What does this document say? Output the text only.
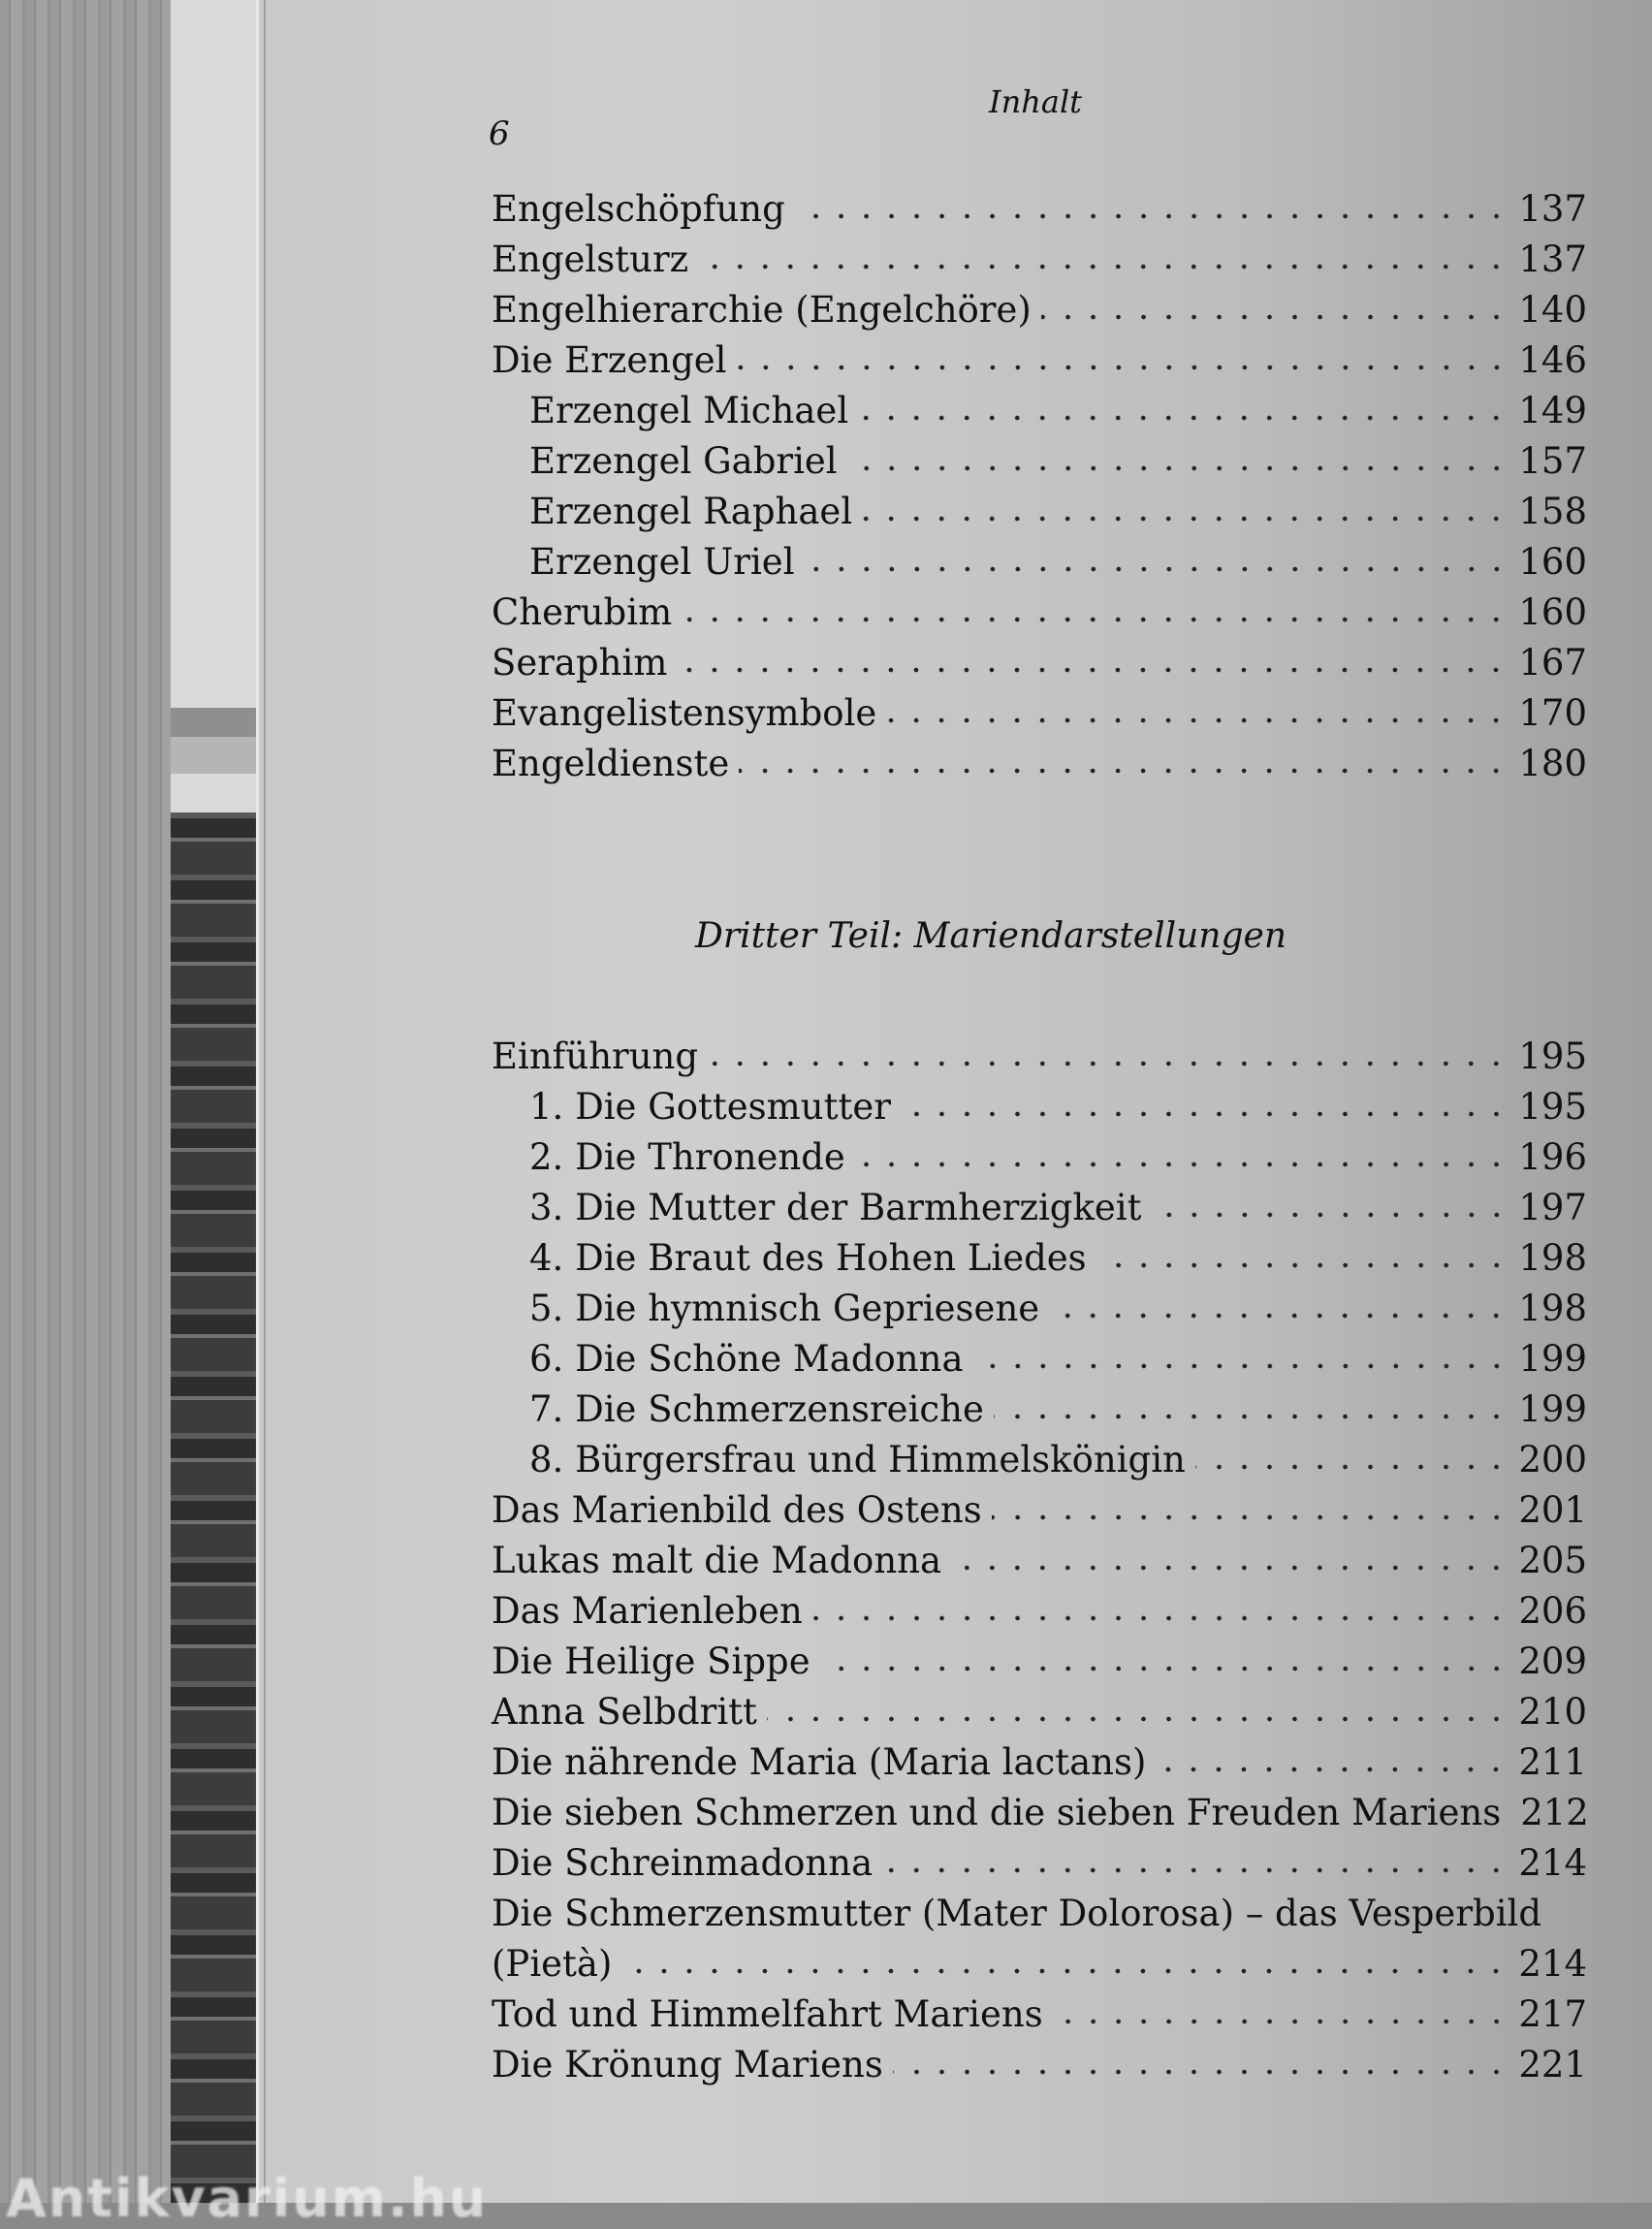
6
Inhalt
Engelschöpfung	137
Engelsturz	137
Engelhierarchie (Engelchöre)	140
Die Erzengel	146
Erzengel Michael	149
Erzengel Gabriel	157
Erzengel Raphael	158
Erzengel Uriel	160
Cherubim	160
Seraphim	167
Evangelistensymbole	170
Engeldienste	180
Dritter Teil: Mariendarstellungen
Einführung	195
1. Die Gottesmutter	195
2. Die Thronende	196
3. Die Mutter der Barmherzigkeit	197
4. Die Braut des Hohen Liedes	198
5. Die hymnisch Gepriesene	198
6. Die Schöne Madonna	199
7. Die Schmerzensreiche	199
8. Bürgersfrau und Himmelskönigin	200
Das Marienbild des Ostens	201
Lukas malt die Madonna	205
Das Marienleben	206
Die Heilige Sippe	209
Anna Selbdritt	210
Die nährende Maria (Maria lactans)	211
Die sieben Schmerzen und die sieben Freuden Mariens 212
Die Schreinmadonna	214
Die Schmerzensmutter (Mater Dolorosa) – das Vesperbild
(Pietà)	214
Tod und Himmelfahrt Mariens	217
Die Krönung Mariens	221
Antikvarium.hu
